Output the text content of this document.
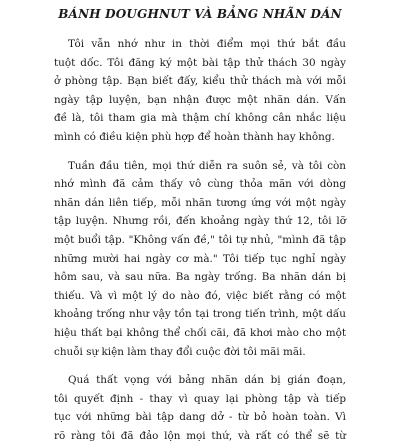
BÁNH DOUGHNUT VÀ BẢNG NHÃN DÁN
Tôi vẫn nhớ như in thời điểm mọi thứ bắt đầu
tuột dốc. Tôi đăng ký một bài tập thử thách 30 ngày
ở phòng tập. Bạn biết đấy, kiểu thử thách mà với mỗi
ngày tập luyện, bạn nhận được một nhãn dán. Vấn
đề là, tôi tham gia mà thậm chí không cân nhắc liệu
mình có điều kiện phù hợp để hoàn thành hay không.
Tuần đầu tiên, mọi thứ diễn ra suôn sẻ, và tôi còn
nhớ mình đã cảm thấy vô cùng thỏa mãn với dòng
nhãn dán liên tiếp, mỗi nhãn tương ứng với một ngày
tập luyện. Nhưng rồi, đến khoảng ngày thứ 12, tôi lỡ
một buổi tập. "Không vấn đề," tôi tự nhủ, "mình đã tập
những mười hai ngày cơ mà." Tôi tiếp tục nghỉ ngày
hôm sau, và sau nữa. Ba ngày trống. Ba nhãn dán bị
thiếu. Và vì một lý do nào đó, việc biết rằng có một
khoảng trống như vậy tồn tại trong tiến trình, một dấu
hiệu thất bại không thể chối cãi, đã khơi mào cho một
chuỗi sự kiện làm thay đổi cuộc đời tôi mãi mãi.
Quá thất vọng với bảng nhãn dán bị gián đoạn,
tôi quyết định - thay vì quay lại phòng tập và tiếp
tục với những bài tập dang dở - từ bỏ hoàn toàn. Vì
rõ ràng tôi đã đảo lộn mọi thứ, và rất có thể sẽ từ
